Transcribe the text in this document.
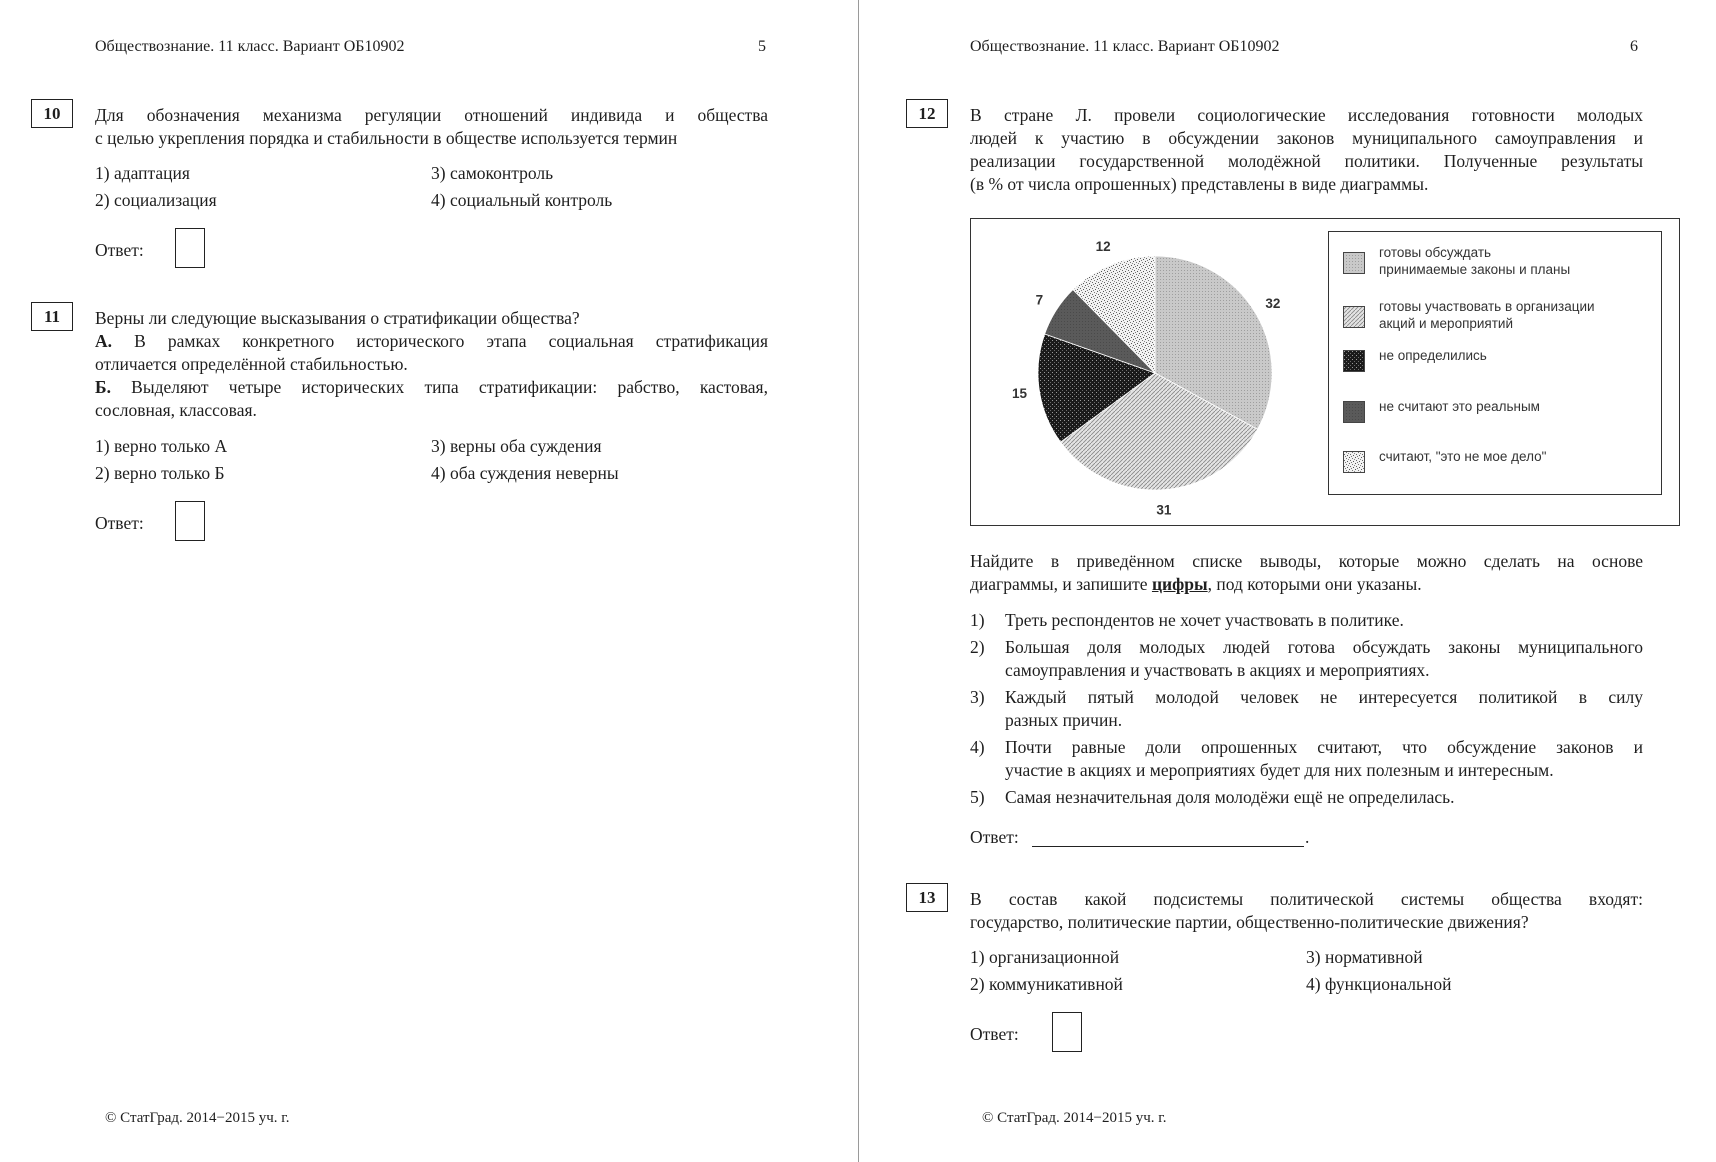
Обществознание. 11 класс. Вариант ОБ10902	5
10	Для обозначения механизма регуляции отношений индивида и общества
с целью укрепления порядка и стабильности в обществе используется термин
1) адаптация
2) социализация
3) самоконтроль
4) социальный контроль
Ответ:
11	Верны ли следующие высказывания о стратификации общества?
А. В рамках конкретного исторического этапа социальная стратификация
отличается определённой стабильностью.
Б. Выделяют четыре исторических типа стратификации: рабство, кастовая,
сословная, классовая.
1) верно только А
2) верно только Б
3) верны оба суждения
4) оба суждения неверны
Ответ:
© СтатГрад. 2014−2015 уч. г.
Обществознание. 11 класс. Вариант ОБ10902	6
12	В стране Л. провели социологические исследования готовности молодых
людей к участию в обсуждении законов муниципального самоуправления и
реализации государственной молодёжной политики. Полученные результаты
(в % от числа опрошенных) представлены в виде диаграммы.
32
31
15
7
12	готовы обсуждать
принимаемые законы и планы
готовы участвовать в организации
акций и мероприятий
не определились
не считают это реальным
считают, "это не мое дело"
Найдите в приведённом списке выводы, которые можно сделать на основе
диаграммы, и запишите цифры, под которыми они указаны.
1) Треть респондентов не хочет участвовать в политике.
2) Большая доля молодых людей готова обсуждать законы муниципального
самоуправления и участвовать в акциях и мероприятиях.
3) Каждый пятый молодой человек не интересуется политикой в силу
разных причин.
4) Почти равные доли опрошенных считают, что обсуждение законов и
участие в акциях и мероприятиях будет для них полезным и интересным.
5) Самая незначительная доля молодёжи ещё не определилась.
Ответ:	.
13	В состав какой подсистемы политической системы общества входят:
государство, политические партии, общественно-политические движения?
1) организационной
2) коммуникативной
3) нормативной
4) функциональной
Ответ:
© СтатГрад. 2014−2015 уч. г.
